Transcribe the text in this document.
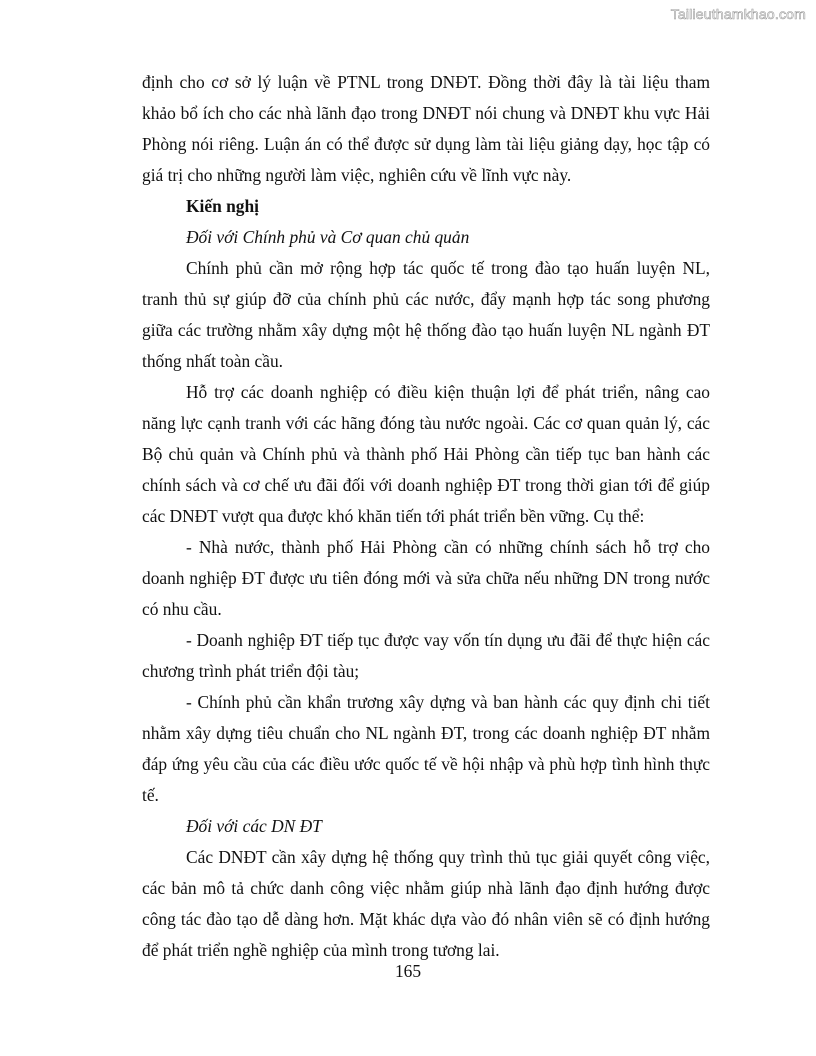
Tailieuthamkhao.com

định cho cơ sở lý luận về PTNL trong DNĐT. Đồng thời đây là tài liệu tham khảo bổ ích cho các nhà lãnh đạo trong DNĐT nói chung và DNĐT khu vực Hải Phòng nói riêng. Luận án có thể được sử dụng làm tài liệu giảng dạy, học tập có giá trị cho những người làm việc, nghiên cứu về lĩnh vực này.

Kiến nghị

Đối với Chính phủ và Cơ quan chủ quản

Chính phủ cần mở rộng hợp tác quốc tế trong đào tạo huấn luyện NL, tranh thủ sự giúp đỡ của chính phủ các nước, đẩy mạnh hợp tác song phương giữa các trường nhằm xây dựng một hệ thống đào tạo huấn luyện NL ngành ĐT thống nhất toàn cầu.

Hỗ trợ các doanh nghiệp có điều kiện thuận lợi để phát triển, nâng cao năng lực cạnh tranh với các hãng đóng tàu nước ngoài. Các cơ quan quản lý, các Bộ chủ quản và Chính phủ và thành phố Hải Phòng cần tiếp tục ban hành các chính sách và cơ chế ưu đãi đối với doanh nghiệp ĐT trong thời gian tới để giúp các DNĐT vượt qua được khó khăn tiến tới phát triển bền vững. Cụ thể:

- Nhà nước, thành phố Hải Phòng cần có những chính sách hỗ trợ cho doanh nghiệp ĐT được ưu tiên đóng mới và sửa chữa nếu những DN trong nước có nhu cầu.

- Doanh nghiệp ĐT tiếp tục được vay vốn tín dụng ưu đãi để thực hiện các chương trình phát triển đội tàu;

- Chính phủ cần khẩn trương xây dựng và ban hành các quy định chi tiết nhằm xây dựng tiêu chuẩn cho NL ngành ĐT, trong các doanh nghiệp ĐT nhằm đáp ứng yêu cầu của các điều ước quốc tế về hội nhập và phù hợp tình hình thực tế.

Đối với các DN ĐT

Các DNĐT cần xây dựng hệ thống quy trình thủ tục giải quyết công việc, các bản mô tả chức danh công việc nhằm giúp nhà lãnh đạo định hướng được công tác đào tạo dễ dàng hơn. Mặt khác dựa vào đó nhân viên sẽ có định hướng để phát triển nghề nghiệp của mình trong tương lai.

165
